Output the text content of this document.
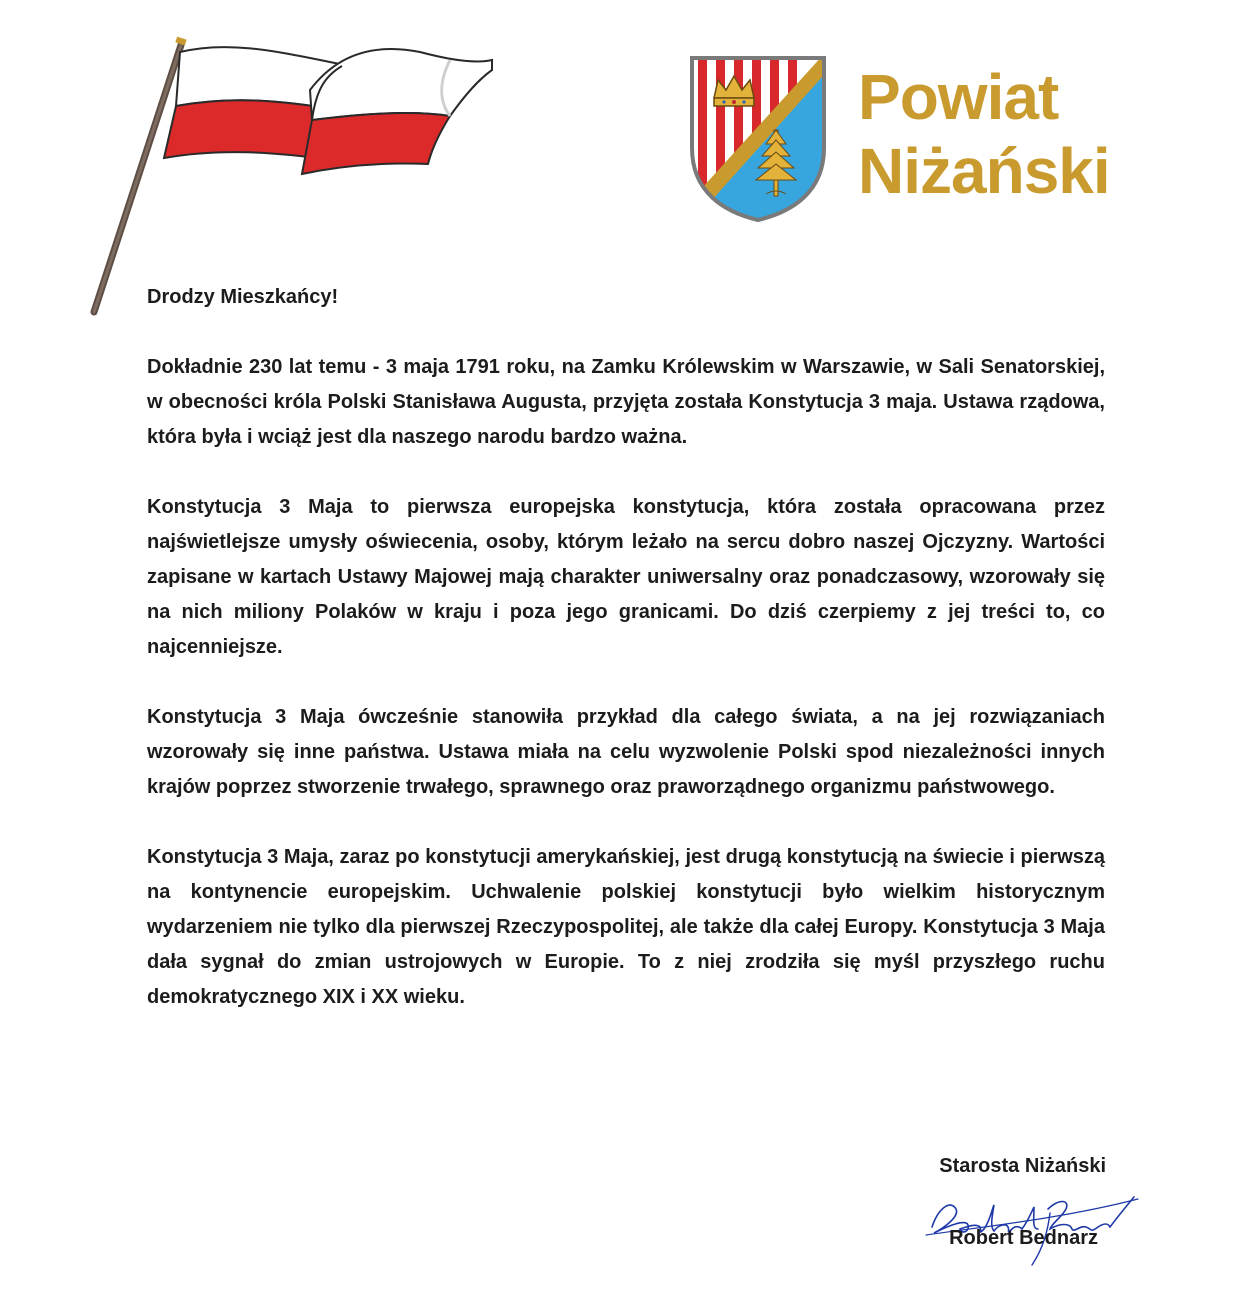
Powiat
Niżański

Drodzy Mieszkańcy!

Dokładnie 230 lat temu - 3 maja 1791 roku, na Zamku Królewskim w Warszawie, w Sali Senatorskiej, w obecności króla Polski Stanisława Augusta, przyjęta została Konstytucja 3 maja. Ustawa rządowa, która była i wciąż jest dla naszego narodu bardzo ważna.

Konstytucja 3 Maja to pierwsza europejska konstytucja, która została opracowana przez najświetlejsze umysły oświecenia, osoby, którym leżało na sercu dobro naszej Ojczyzny. Wartości zapisane w kartach Ustawy Majowej mają charakter uniwersalny oraz ponadczasowy, wzorowały się na nich miliony Polaków w kraju i poza jego granicami. Do dziś czerpiemy z jej treści to, co najcenniejsze.

Konstytucja 3 Maja ówcześnie stanowiła przykład dla całego świata, a na jej rozwiązaniach wzorowały się inne państwa. Ustawa miała na celu wyzwolenie Polski spod niezależności innych krajów poprzez stworzenie trwałego, sprawnego oraz praworządnego organizmu państwowego.

Konstytucja 3 Maja, zaraz po konstytucji amerykańskiej, jest drugą konstytucją na świecie i pierwszą na kontynencie europejskim. Uchwalenie polskiej konstytucji było wielkim historycznym wydarzeniem nie tylko dla pierwszej Rzeczypospolitej, ale także dla całej Europy. Konstytucja 3 Maja dała sygnał do zmian ustrojowych w Europie. To z niej zrodziła się myśl przyszłego ruchu demokratycznego XIX i XX wieku.

Starosta Niżański
Robert Bednarz
